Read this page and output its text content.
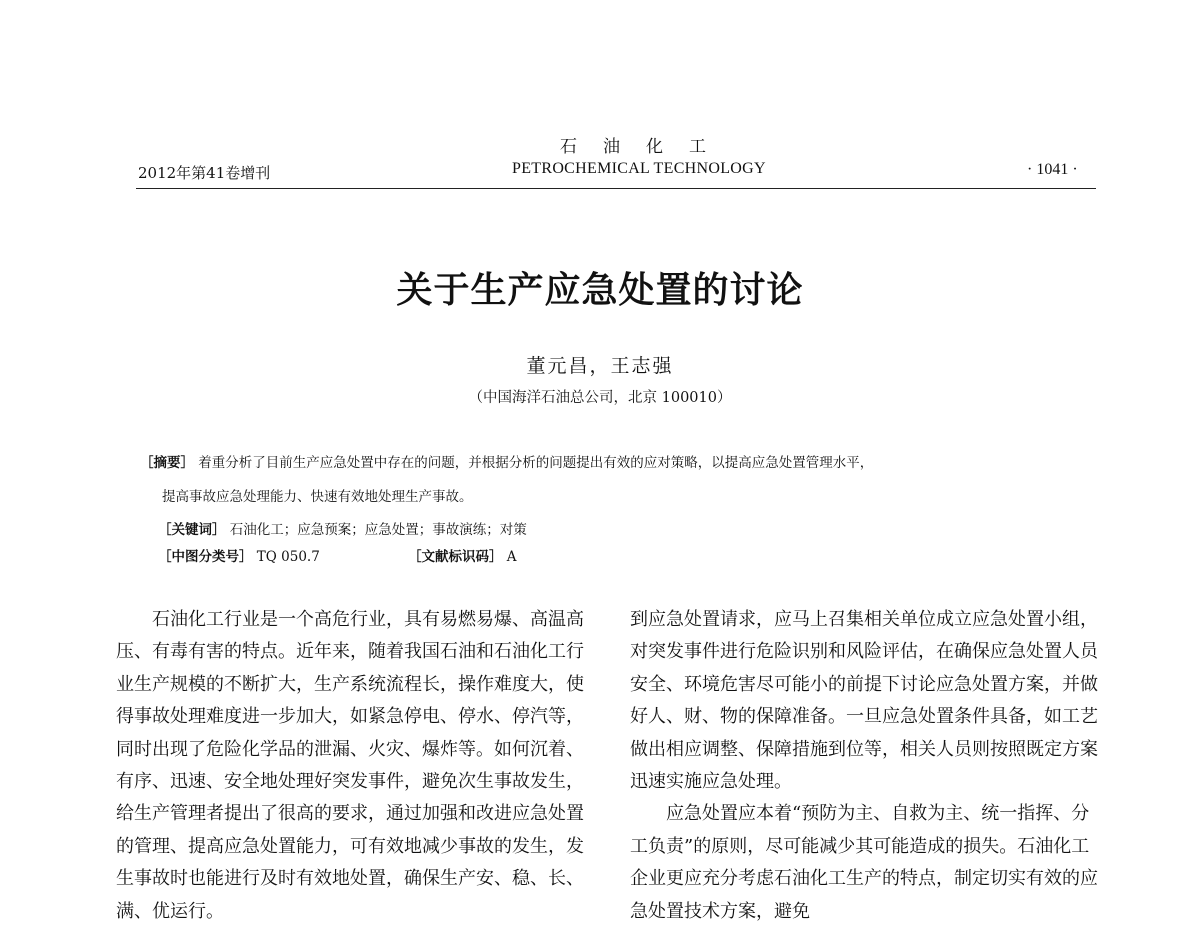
石油化工
PETROCHEMICAL TECHNOLOGY
2012年第41卷增刊	· 1041 ·
关于生产应急处置的讨论
董元昌，王志强
（中国海洋石油总公司，北京 100010）
［摘要］ 着重分析了目前生产应急处置中存在的问题，并根据分析的问题提出有效的应对策略，以提高应急处置管理水平，
提高事故应急处理能力、快速有效地处理生产事故。
［关键词］ 石油化工；应急预案；应急处置；事故演练；对策
［中图分类号］ TQ 050.7	［文献标识码］ A

石油化工行业是一个高危行业，具有易燃易爆、高温高压、有毒有害的特点。近年来，随着我国石油和石油化工行业生产规模的不断扩大，生产系统流程长，操作难度大，使得事故处理难度进一步加大，如紧急停电、停水、停汽等，同时出现了危险化学品的泄漏、火灾、爆炸等。如何沉着、有序、迅速、安全地处理好突发事件，避免次生事故发生，给生产管理者提出了很高的要求，通过加强和改进应急处置的管理、提高应急处置能力，可有效地减少事故的发生，发生事故时也能进行及时有效地处置，确保生产安、稳、长、满、优运行。

到应急处置请求，应马上召集相关单位成立应急处置小组，对突发事件进行危险识别和风险评估，在确保应急处置人员安全、环境危害尽可能小的前提下讨论应急处置方案，并做好人、财、物的保障准备。一旦应急处置条件具备，如工艺做出相应调整、保障措施到位等，相关人员则按照既定方案迅速实施应急处理。

应急处置应本着“预防为主、自救为主、统一指挥、分工负责”的原则，尽可能减少其可能造成的损失。石油化工企业更应充分考虑石油化工生产的特点，制定切实有效的应急处置技术方案，避免
